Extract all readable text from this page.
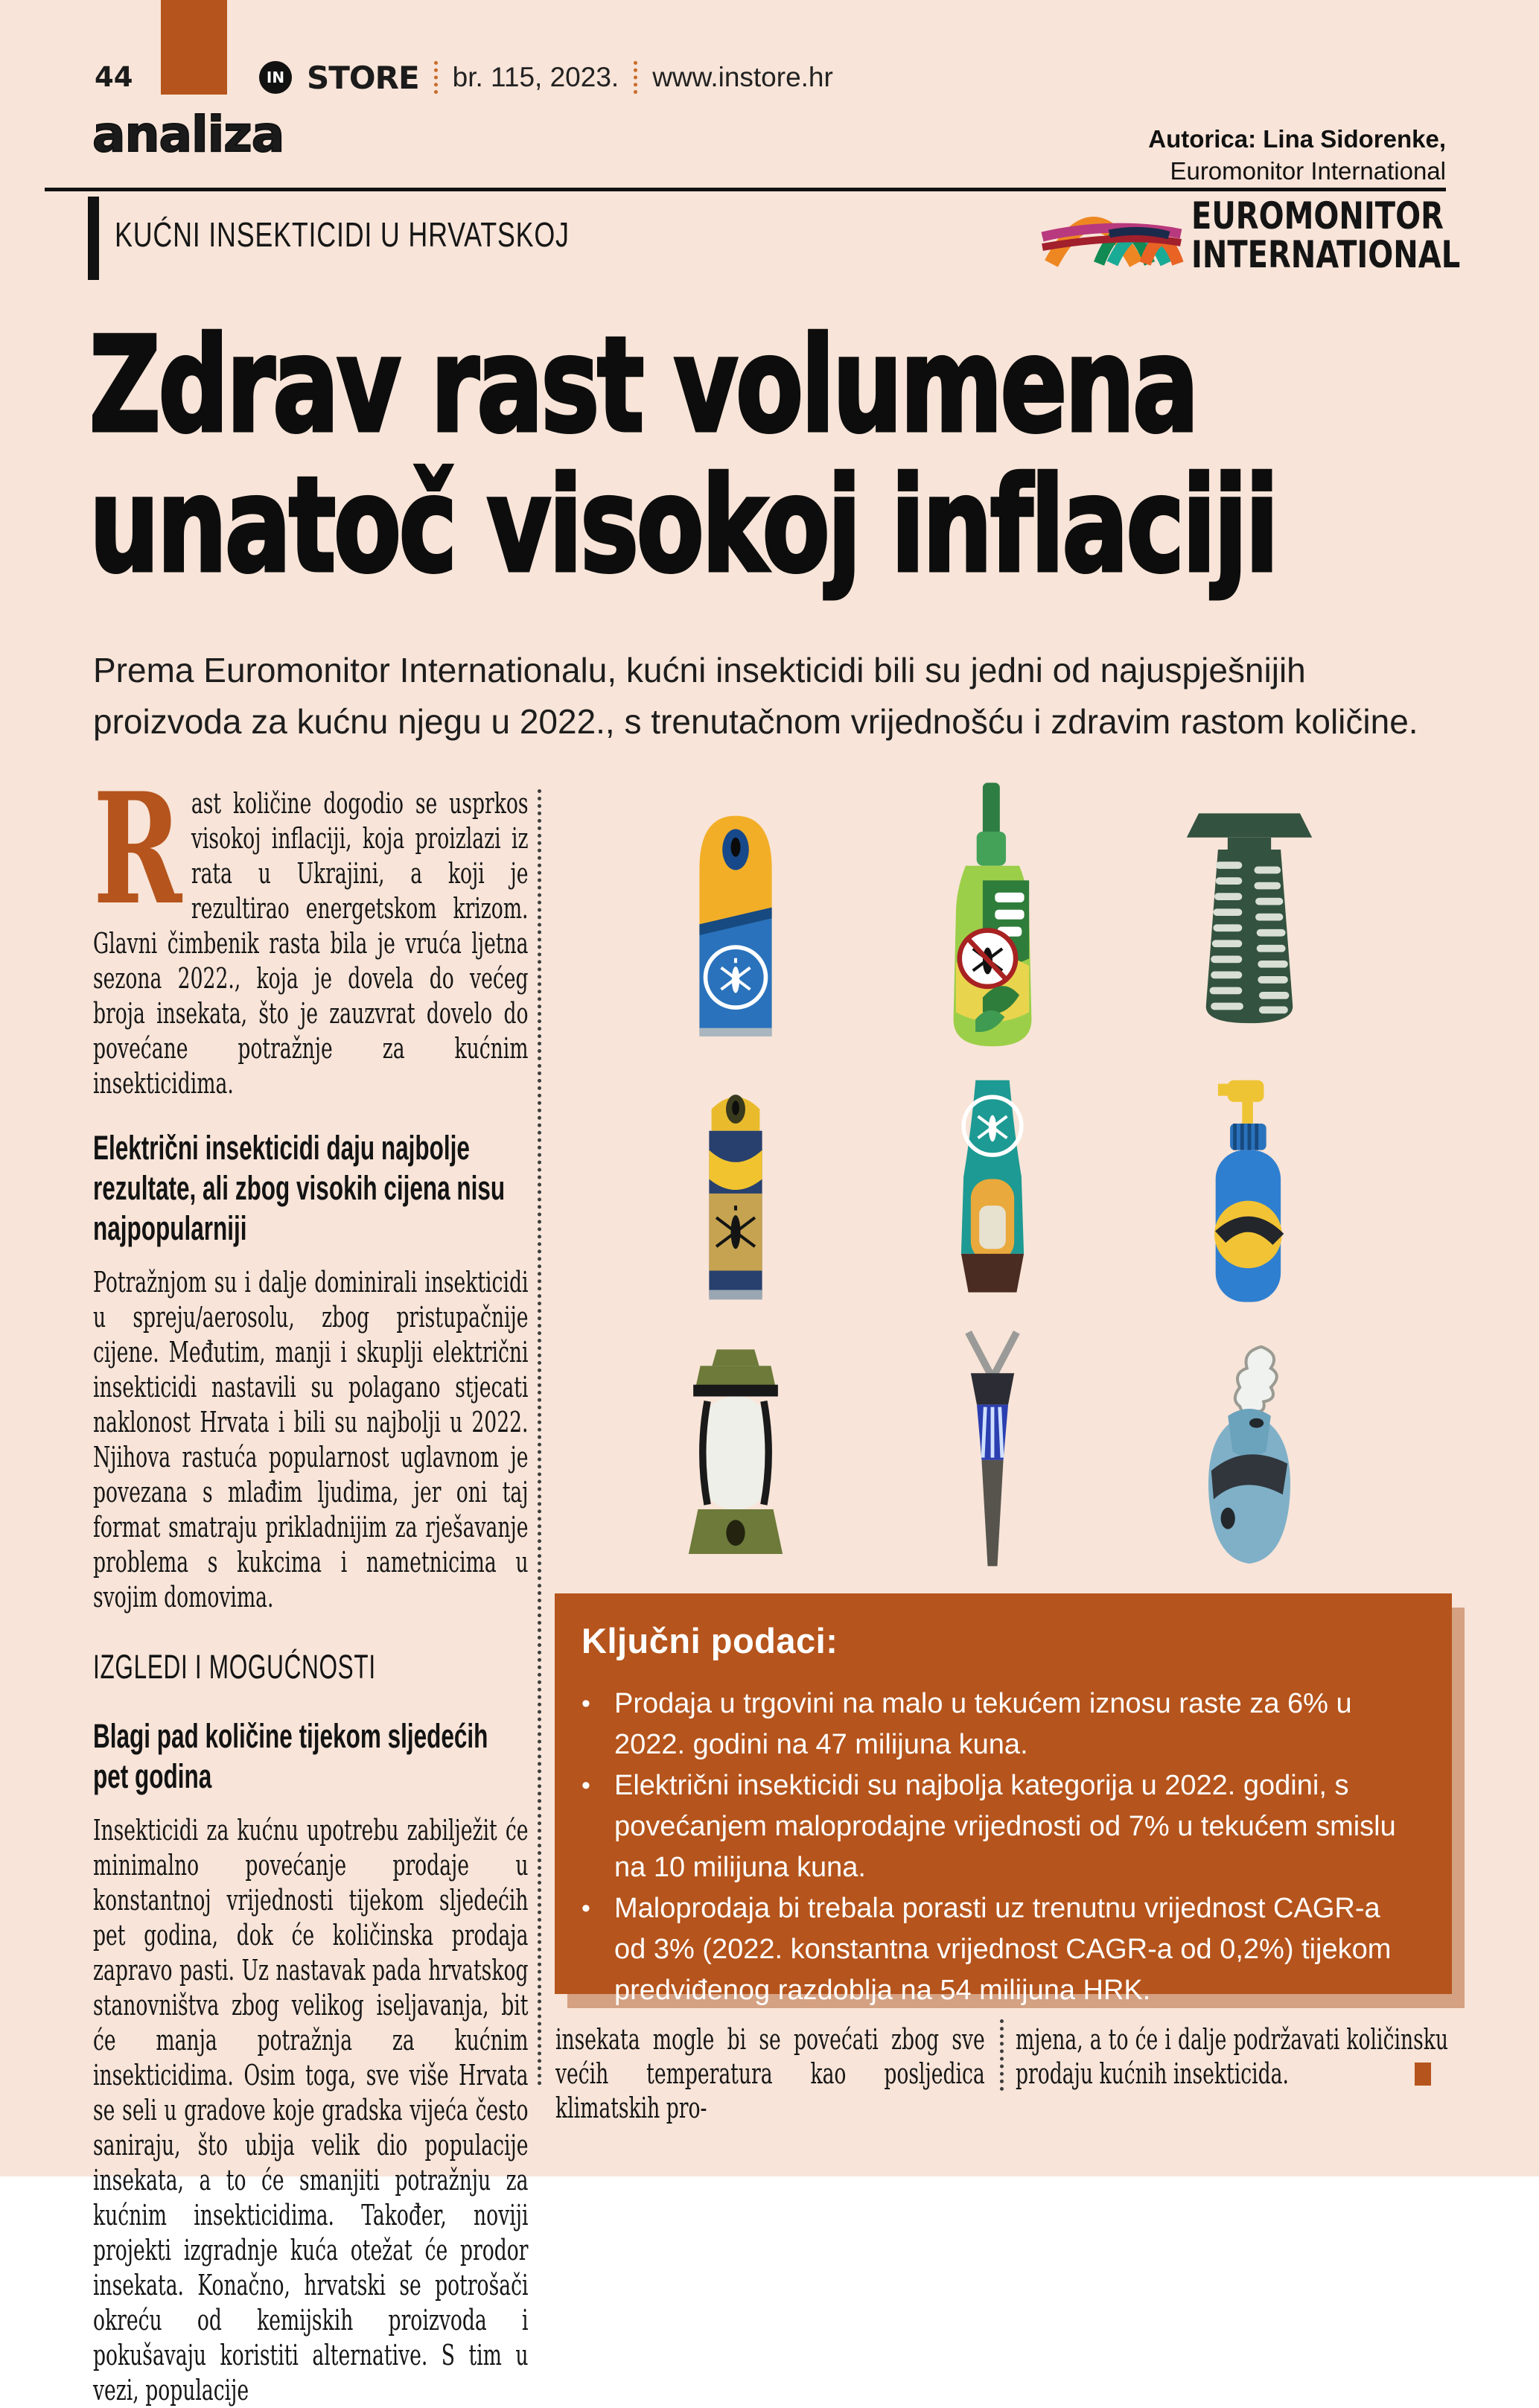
44	IN STORE br. 115, 2023. www.instore.hr
analiza	Autorica: Lina Sidorenke,
Euromonitor International
KUĆNI INSEKTICIDI U HRVATSKOJ	EUROMONITOR
INTERNATIONAL
Zdrav rast volumena
unatoč visokoj inflaciji
Prema Euromonitor Internationalu, kućni insekticidi bili su jedni od najuspješnijih proizvoda za kućnu njegu u 2022., s trenutačnom vrijednošću i zdravim rastom količine.
Rast količine dogodio se usprkos visokoj inflaciji, koja proizlazi iz rata u Ukrajini, a koji je rezultirao energetskom krizom. Glavni čimbenik rasta bila je vruća ljetna sezona 2022., koja je dovela do većeg broja insekata, što je zauzvrat dovelo do povećane potražnje za kućnim insekticidima.
Električni insekticidi daju najbolje rezultate, ali zbog visokih cijena nisu najpopularniji
Potražnjom su i dalje dominirali insekticidi u spreju/aerosolu, zbog pristupačnije cijene. Međutim, manji i skuplji električni insekticidi nastavili su polagano stjecati naklonost Hrvata i bili su najbolji u 2022. Njihova rastuća popularnost uglavnom je povezana s mlađim ljudima, jer oni taj format smatraju prikladnijim za rješavanje problema s kukcima i nametnicima u svojim domovima.
IZGLEDI I MOGUĆNOSTI
Blagi pad količine tijekom sljedećih pet godina
Insekticidi za kućnu upotrebu zabilježit će minimalno povećanje prodaje u konstantnoj vrijednosti tijekom sljedećih pet godina, dok će količinska prodaja zapravo pasti. Uz nastavak pada hrvatskog stanovništva zbog velikog iseljavanja, bit će manja potražnja za kućnim insekticidima. Osim toga, sve više Hrvata se seli u gradove koje gradska vijeća često saniraju, što ubija velik dio populacije insekata, a to će smanjiti potražnju za kućnim insekticidima. Također, noviji projekti izgradnje kuća otežat će prodor insekata. Konačno, hrvatski se potrošači okreću od kemijskih proizvoda i pokušavaju koristiti alternative. S tim u vezi, populacije
Ključni podaci:
• Prodaja u trgovini na malo u tekućem iznosu raste za 6% u 2022. godini na 47 milijuna kuna.
• Električni insekticidi su najbolja kategorija u 2022. godini, s povećanjem maloprodajne vrijednosti od 7% u tekućem smislu na 10 milijuna kuna.
• Maloprodaja bi trebala porasti uz trenutnu vrijednost CAGR-a od 3% (2022. konstantna vrijednost CAGR-a od 0,2%) tijekom predviđenog razdoblja na 54 milijuna HRK.
insekata mogle bi se povećati zbog sve većih temperatura kao posljedica klimatskih pro-
mjena, a to će i dalje podržavati količinsku prodaju kućnih insekticida.
